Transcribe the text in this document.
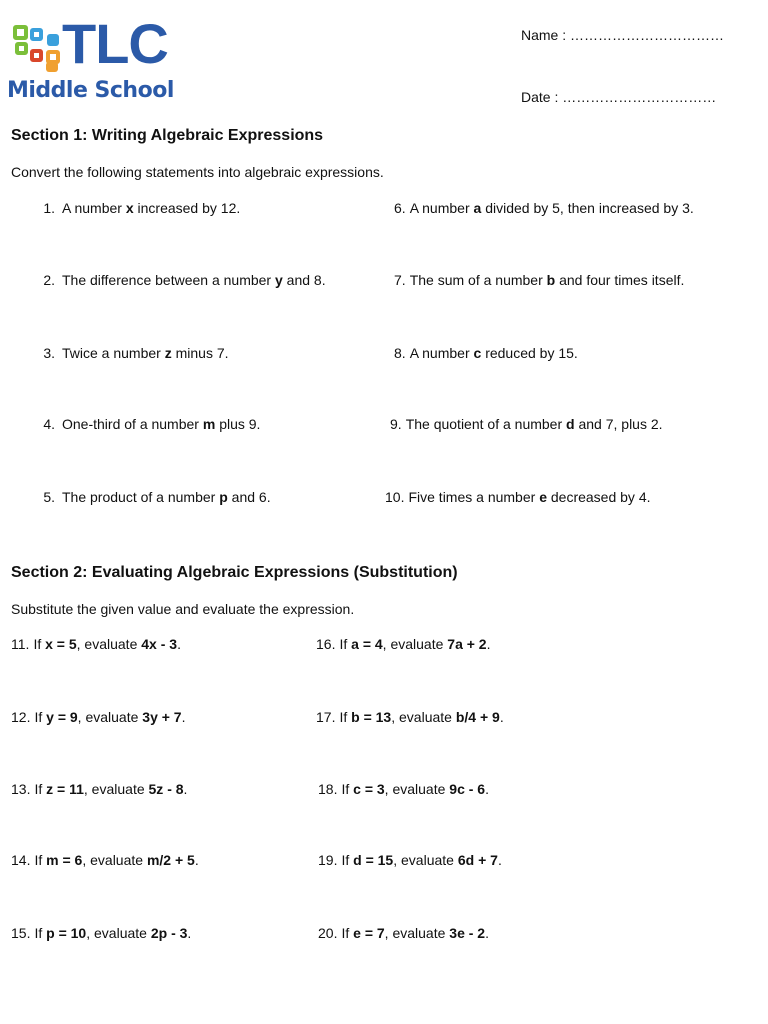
TLC
Middle School
Name : ……………………………
Date : ……………………………
Section 1: Writing Algebraic Expressions
Convert the following statements into algebraic expressions.
1. A number x increased by 12.
2. The difference between a number y and 8.
3. Twice a number z minus 7.
4. One-third of a number m plus 9.
5. The product of a number p and 6.
6. A number a divided by 5, then increased by 3.
7. The sum of a number b and four times itself.
8. A number c reduced by 15.
9. The quotient of a number d and 7, plus 2.
10. Five times a number e decreased by 4.
Section 2: Evaluating Algebraic Expressions (Substitution)
Substitute the given value and evaluate the expression.
11. If x = 5, evaluate 4x - 3.
12. If y = 9, evaluate 3y + 7.
13. If z = 11, evaluate 5z - 8.
14. If m = 6, evaluate m/2 + 5.
15. If p = 10, evaluate 2p - 3.
16. If a = 4, evaluate 7a + 2.
17. If b = 13, evaluate b/4 + 9.
18. If c = 3, evaluate 9c - 6.
19. If d = 15, evaluate 6d + 7.
20. If e = 7, evaluate 3e - 2.
